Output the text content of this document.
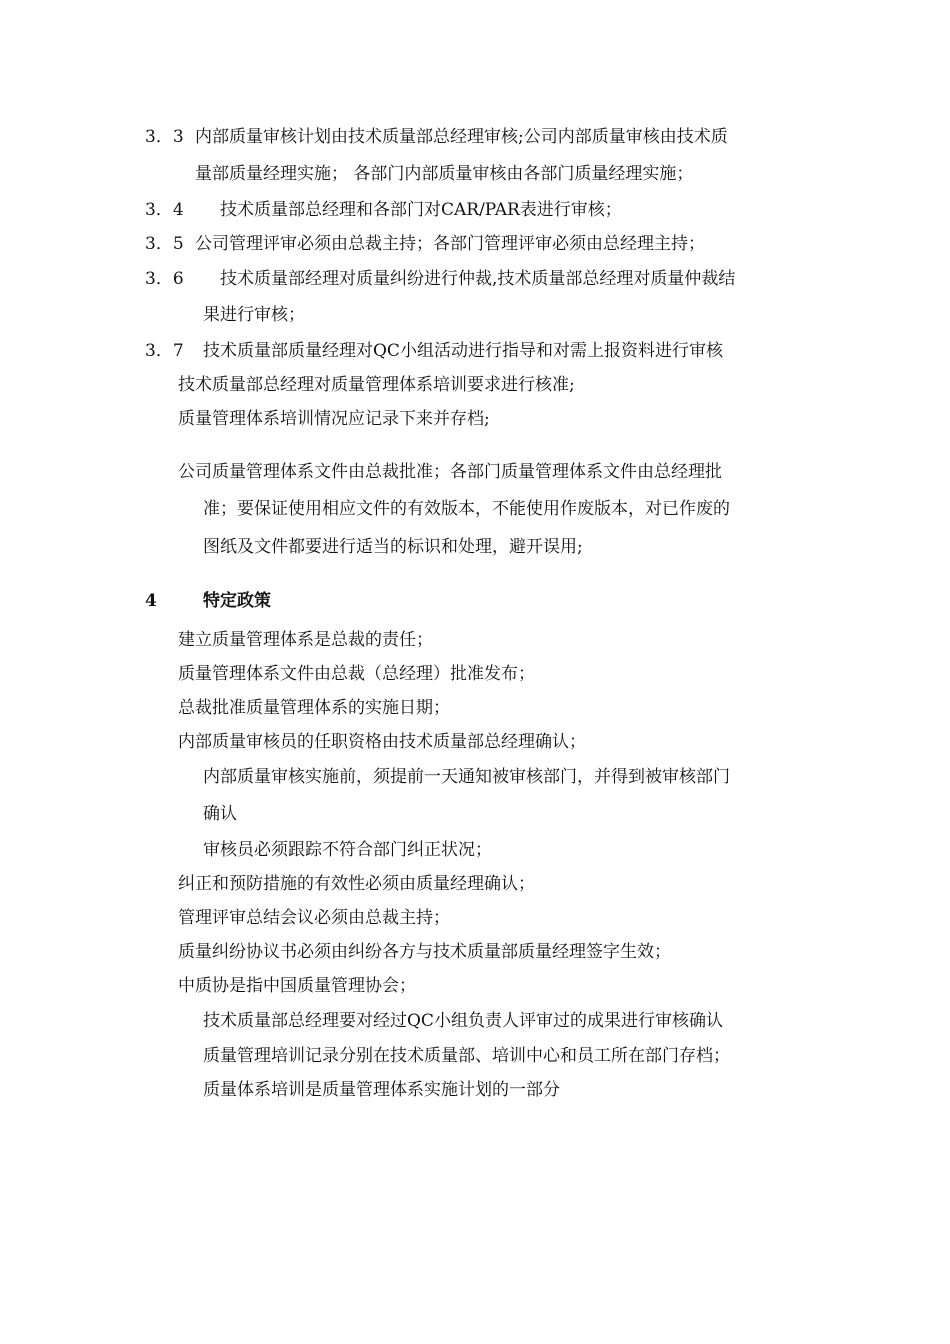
3．3 内部质量审核计划由技术质量部总经理审核;公司内部质量审核由技术质
量部质量经理实施； 各部门内部质量审核由各部门质量经理实施；
3．4 技术质量部总经理和各部门对CAR/PAR表进行审核；
3．5 公司管理评审必须由总裁主持；各部门管理评审必须由总经理主持；
3．6 技术质量部经理对质量纠纷进行仲裁,技术质量部总经理对质量仲裁结
果进行审核；
3．7 技术质量部质量经理对QC小组活动进行指导和对需上报资料进行审核
技术质量部总经理对质量管理体系培训要求进行核准;
质量管理体系培训情况应记录下来并存档;
公司质量管理体系文件由总裁批准；各部门质量管理体系文件由总经理批
准；要保证使用相应文件的有效版本，不能使用作废版本，对已作废的
图纸及文件都要进行适当的标识和处理，避开误用;
4	特定政策
建立质量管理体系是总裁的责任；
质量管理体系文件由总裁（总经理）批准发布；
总裁批准质量管理体系的实施日期；
内部质量审核员的任职资格由技术质量部总经理确认；
内部质量审核实施前，须提前一天通知被审核部门，并得到被审核部门
确认
审核员必须跟踪不符合部门纠正状况；
纠正和预防措施的有效性必须由质量经理确认；
管理评审总结会议必须由总裁主持；
质量纠纷协议书必须由纠纷各方与技术质量部质量经理签字生效；
中质协是指中国质量管理协会；
技术质量部总经理要对经过QC小组负责人评审过的成果进行审核确认
质量管理培训记录分别在技术质量部、培训中心和员工所在部门存档；
质量体系培训是质量管理体系实施计划的一部分
